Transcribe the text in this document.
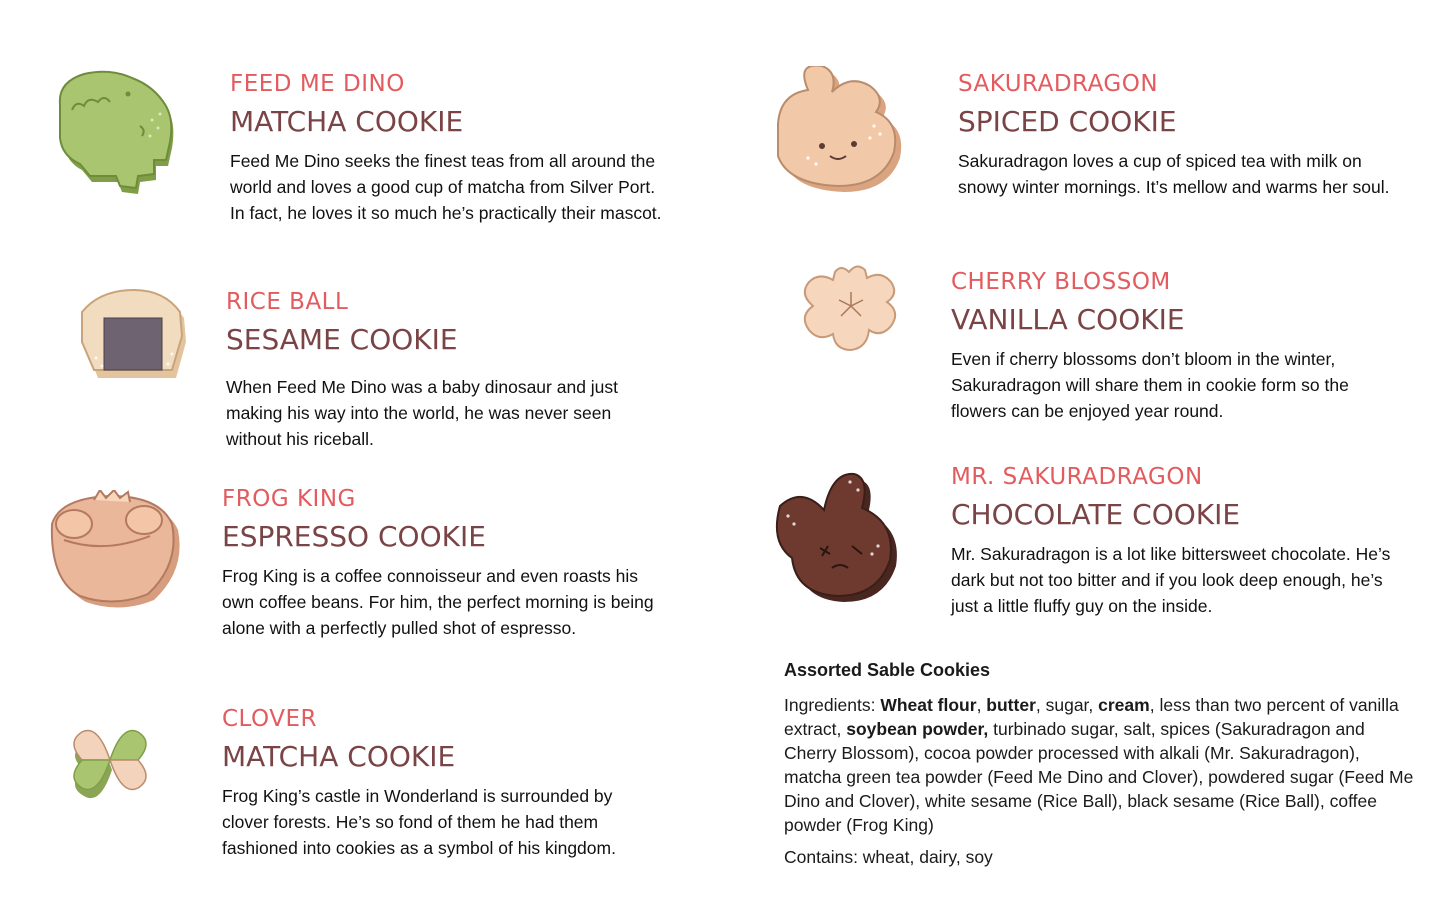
FEED ME DINO

MATCHA COOKIE

Feed Me Dino seeks the finest teas from all around the world and loves a good cup of matcha from Silver Port. In fact, he loves it so much he’s practically their mascot.

RICE BALL

SESAME COOKIE

When Feed Me Dino was a baby dinosaur and just making his way into the world, he was never seen without his riceball.

FROG KING

ESPRESSO COOKIE

Frog King is a coffee connoisseur and even roasts his own coffee beans. For him, the perfect morning is being alone with a perfectly pulled shot of espresso.

CLOVER

MATCHA COOKIE

Frog King’s castle in Wonderland is surrounded by clover forests. He’s so fond of them he had them fashioned into cookies as a symbol of his kingdom.

SAKURADRAGON

SPICED COOKIE

Sakuradragon loves a cup of spiced tea with milk on snowy winter mornings. It’s mellow and warms her soul.

CHERRY BLOSSOM

VANILLA COOKIE

Even if cherry blossoms don’t bloom in the winter, Sakuradragon will share them in cookie form so the flowers can be enjoyed year round.

MR. SAKURADRAGON

CHOCOLATE COOKIE

Mr. Sakuradragon is a lot like bittersweet chocolate. He’s dark but not too bitter and if you look deep enough, he’s just a little fluffy guy on the inside.

Assorted Sable Cookies

Ingredients: Wheat flour, butter, sugar, cream, less than two percent of vanilla extract, soybean powder, turbinado sugar, salt, spices (Sakuradragon and Cherry Blossom), cocoa powder processed with alkali (Mr. Sakuradragon), matcha green tea powder (Feed Me Dino and Clover), powdered sugar (Feed Me Dino and Clover), white sesame (Rice Ball), black sesame (Rice Ball), coffee powder (Frog King)

Contains: wheat, dairy, soy
